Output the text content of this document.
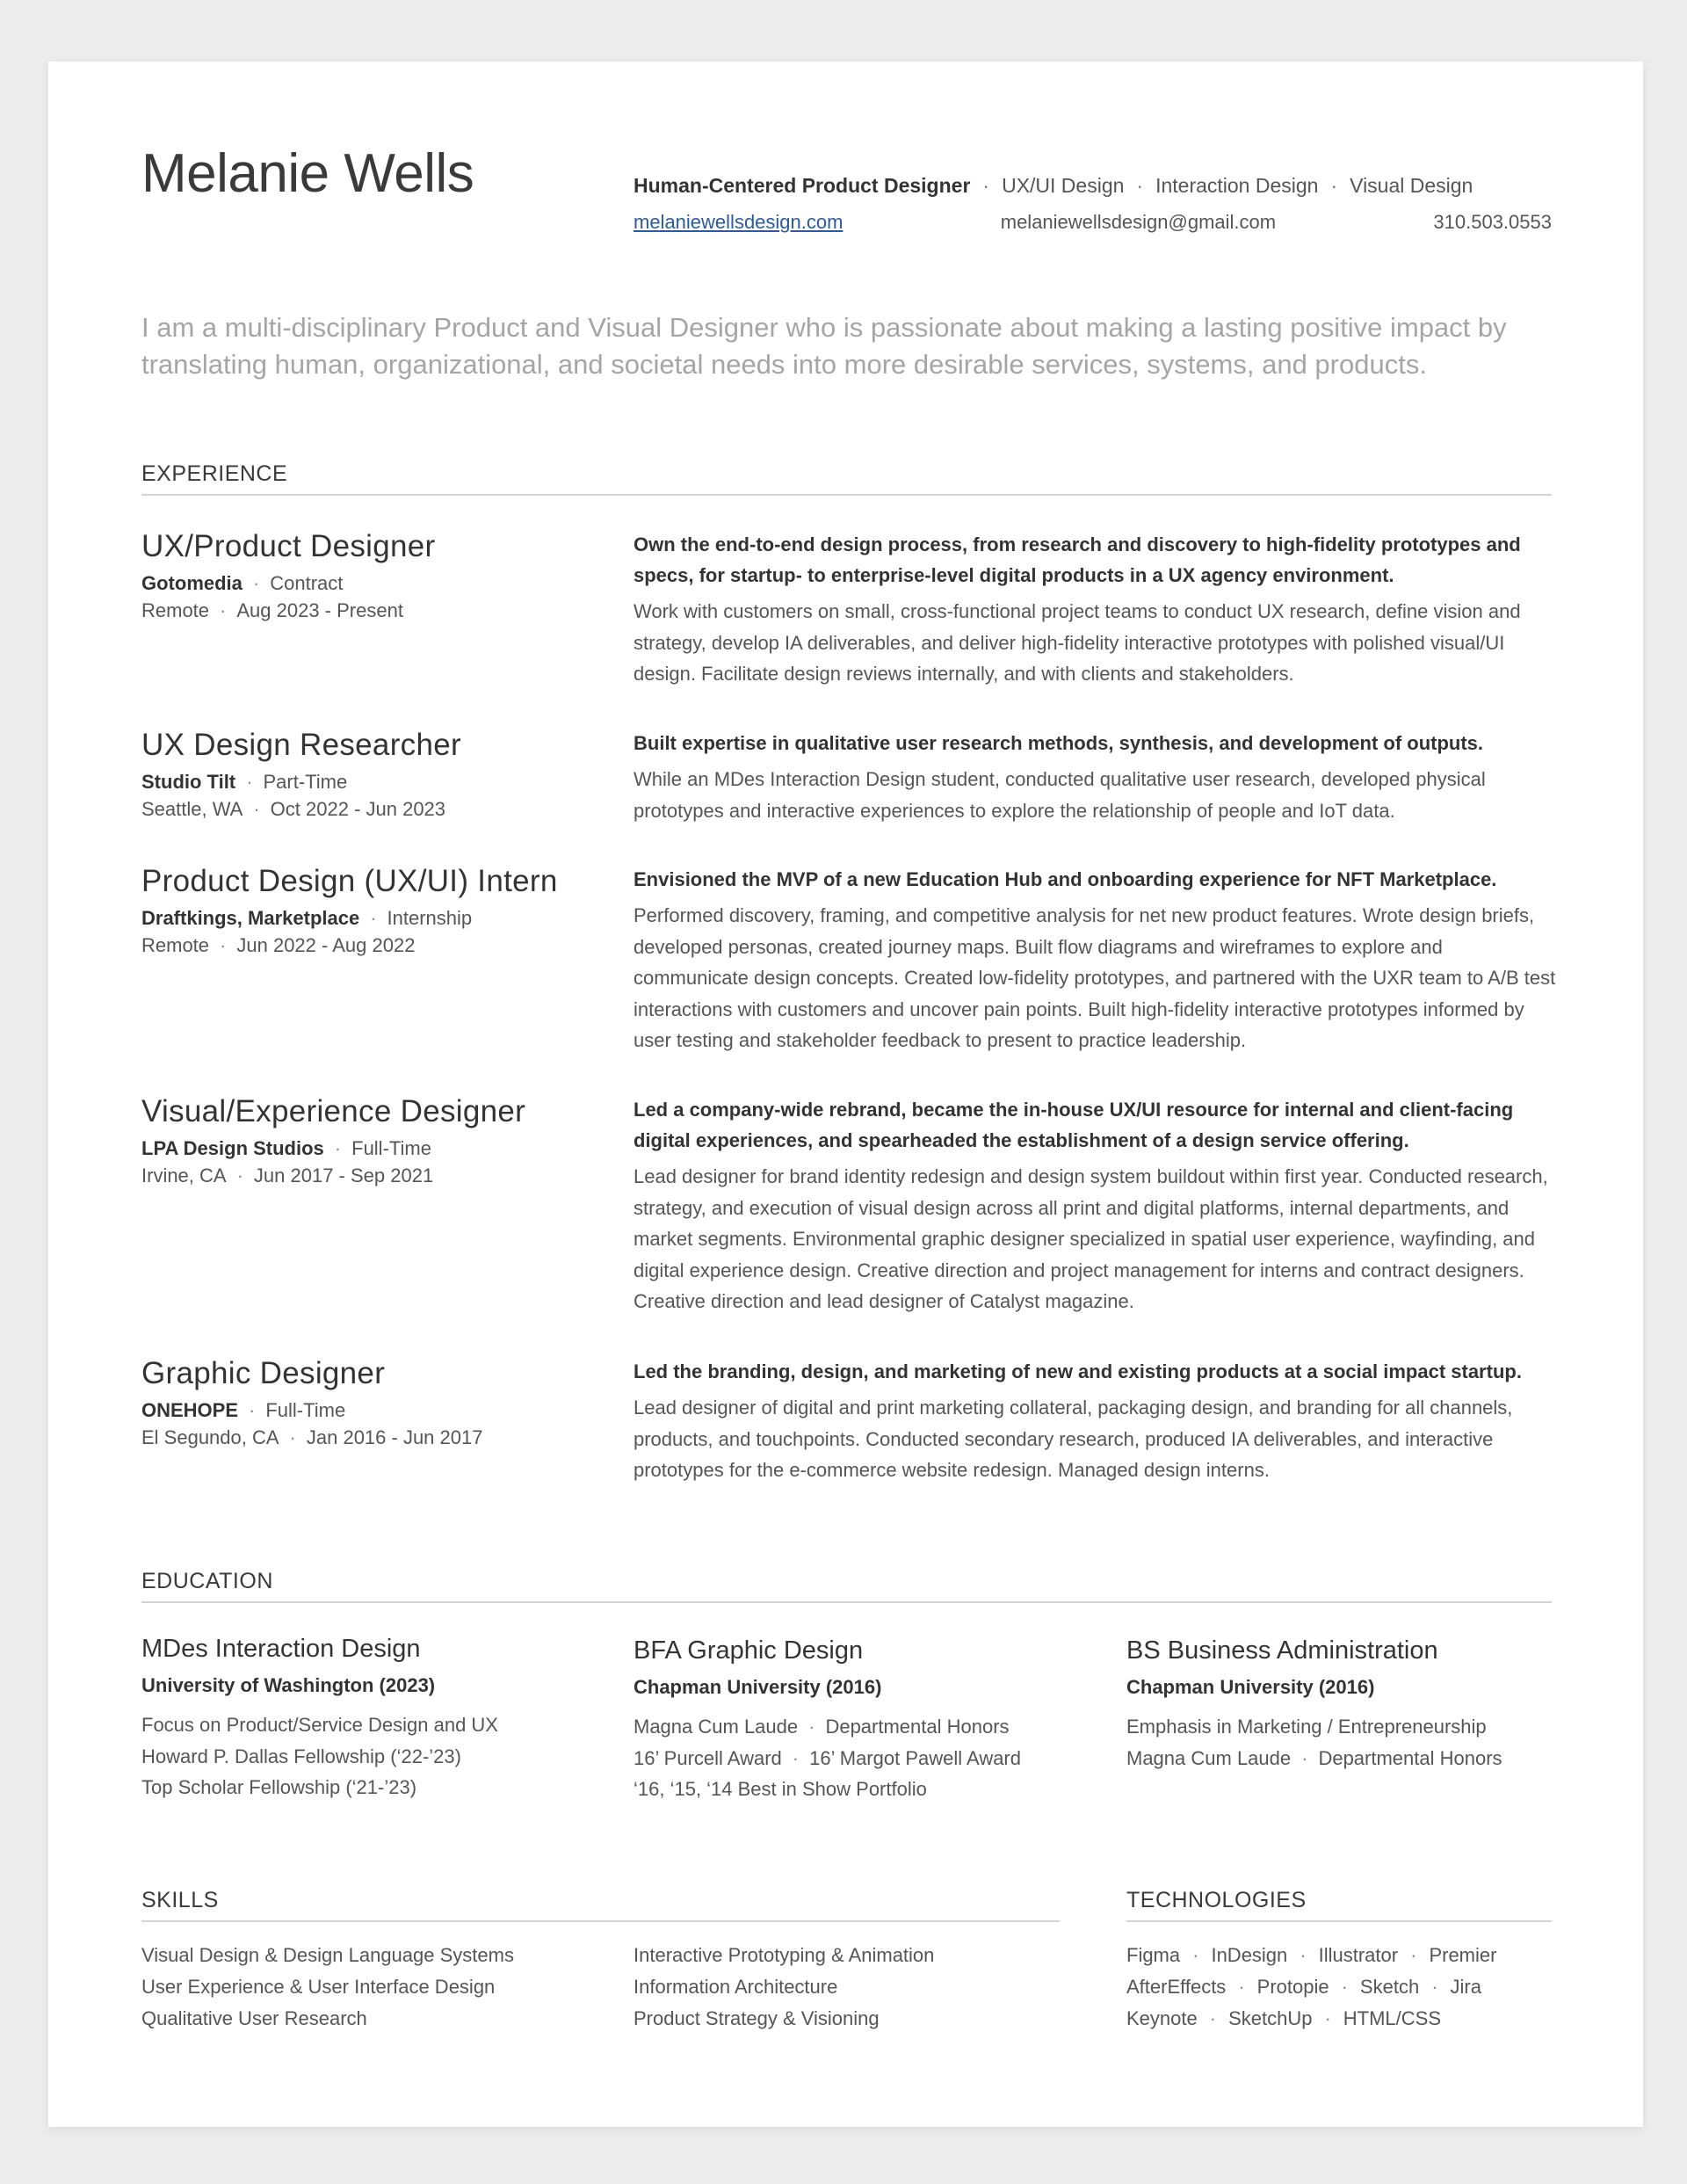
Melanie Wells	Human-Centered Product Designer · UX/UI Design · Interaction Design · Visual Design
melaniewellsdesign.com	melaniewellsdesign@gmail.com	310.503.0553

I am a multi-disciplinary Product and Visual Designer who is passionate about making a lasting positive impact by translating human, organizational, and societal needs into more desirable services, systems, and products.

EXPERIENCE
UX/Product Designer
Gotomedia · Contract
Remote · Aug 2023 - Present

Own the end-to-end design process, from research and discovery to high-fidelity prototypes and specs, for startup- to enterprise-level digital products in a UX agency environment.

Work with customers on small, cross-functional project teams to conduct UX research, define vision and strategy, develop IA deliverables, and deliver high-fidelity interactive prototypes with polished visual/UI design. Facilitate design reviews internally, and with clients and stakeholders.

UX Design Researcher
Studio Tilt · Part-Time
Seattle, WA · Oct 2022 - Jun 2023

Built expertise in qualitative user research methods, synthesis, and development of outputs.

While an MDes Interaction Design student, conducted qualitative user research, developed physical prototypes and interactive experiences to explore the relationship of people and IoT data.

Product Design (UX/UI) Intern
Draftkings, Marketplace · Internship
Remote · Jun 2022 - Aug 2022

Envisioned the MVP of a new Education Hub and onboarding experience for NFT Marketplace.

Performed discovery, framing, and competitive analysis for net new product features. Wrote design briefs, developed personas, created journey maps. Built flow diagrams and wireframes to explore and communicate design concepts. Created low-fidelity prototypes, and partnered with the UXR team to A/B test interactions with customers and uncover pain points. Built high-fidelity interactive prototypes informed by user testing and stakeholder feedback to present to practice leadership.

Visual/Experience Designer
LPA Design Studios · Full-Time
Irvine, CA · Jun 2017 - Sep 2021

Led a company-wide rebrand, became the in-house UX/UI resource for internal and client-facing digital experiences, and spearheaded the establishment of a design service offering.

Lead designer for brand identity redesign and design system buildout within first year. Conducted research, strategy, and execution of visual design across all print and digital platforms, internal departments, and market segments. Environmental graphic designer specialized in spatial user experience, wayfinding, and digital experience design. Creative direction and project management for interns and contract designers. Creative direction and lead designer of Catalyst magazine.

Graphic Designer
ONEHOPE · Full-Time
El Segundo, CA · Jan 2016 - Jun 2017

Led the branding, design, and marketing of new and existing products at a social impact startup.

Lead designer of digital and print marketing collateral, packaging design, and branding for all channels, products, and touchpoints. Conducted secondary research, produced IA deliverables, and interactive prototypes for the e-commerce website redesign. Managed design interns.

EDUCATION
MDes Interaction Design
University of Washington (2023)
Focus on Product/Service Design and UX
Howard P. Dallas Fellowship (‘22-’23)
Top Scholar Fellowship (‘21-’23)
BFA Graphic Design
Chapman University (2016)
Magna Cum Laude · Departmental Honors
16’ Purcell Award · 16’ Margot Pawell Award
‘16, ‘15, ‘14 Best in Show Portfolio
BS Business Administration
Chapman University (2016)
Emphasis in Marketing / Entrepreneurship
Magna Cum Laude · Departmental Honors
SKILLS
Visual Design & Design Language Systems
User Experience & User Interface Design
Qualitative User Research
Interactive Prototyping & Animation
Information Architecture
Product Strategy & Visioning
TECHNOLOGIES
Figma · InDesign · Illustrator · Premier
AfterEffects · Protopie · Sketch · Jira
Keynote · SketchUp · HTML/CSS
